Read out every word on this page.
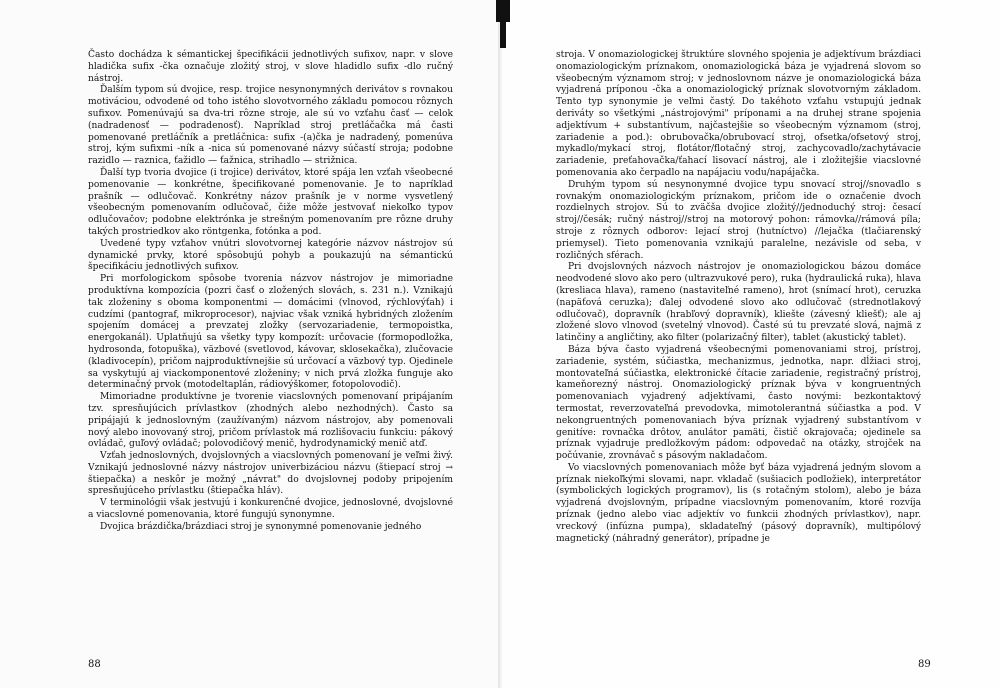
Často dochádza k sémantickej špecifikácii jednotlivých sufixov, napr. v slove hladička sufix -čka označuje zložitý stroj, v slove hladidlo sufix -dlo ručný nástroj.

Ďalším typom sú dvojice, resp. trojice nesynonymných derivátov s rovnakou motiváciou, odvodené od toho istého slovotvorného základu pomocou rôznych sufixov. Pomenúvajú sa dva-tri rôzne stroje, ale sú vo vzťahu časť — celok (nadradenosť — podradenosť). Napríklad stroj pretláčačka má časti pomenované pretláčník a pretláčnica: sufix -(a)čka je nadradený, pomenúva stroj, kým sufixmi -ník a -nica sú pomenované názvy súčastí stroja; podobne razidlo — raznica, ťažidlo — ťažnica, strihadlo — strižnica.

Ďalší typ tvoria dvojice (i trojice) derivátov, ktoré spája len vzťah všeobecné pomenovanie — konkrétne, špecifikované pomenovanie. Je to napríklad prašník — odlučovač. Konkrétny názov prašník je v norme vysvetlený všeobecným pomenovaním odlučovač, čiže môže jestvovať niekoľko typov odlučovačov; podobne elektrónka je strešným pomenovaním pre rôzne druhy takých prostriedkov ako röntgenka, fotónka a pod.

Uvedené typy vzťahov vnútri slovotvornej kategórie názvov nástrojov sú dynamické prvky, ktoré spôsobujú pohyb a poukazujú na sémantickú špecifikáciu jednotlivých sufixov.

Pri morfologickom spôsobe tvorenia názvov nástrojov je mimoriadne produktívna kompozícia (pozri časť o zložených slovách, s. 231 n.). Vznikajú tak zloženiny s oboma komponentmi — domácimi (vlnovod, rýchlovýťah) i cudzími (pantograf, mikroprocesor), najviac však vzniká hybridných zložením spojením domácej a prevzatej zložky (servozariadenie, termopoistka, energokanál). Uplatňujú sa všetky typy kompozít: určovacie (formopodložka, hydrosonda, fotopuška), väzbové (svetlovod, kávovar, sklosekačka), zlučovacie (kladivocepín), pričom najproduktívnejšie sú určovací a väzbový typ. Ojedinele sa vyskytujú aj viackomponentové zloženiny; v nich prvá zložka funguje ako determinačný prvok (motodeltaplán, rádiovýškomer, fotopolovodič).

Mimoriadne produktívne je tvorenie viacslovných pomenovaní pripájaním tzv. spresňujúcich prívlastkov (zhodných alebo nezhodných). Často sa pripájajú k jednoslovným (zaužívaným) názvom nástrojov, aby pomenovali nový alebo inovovaný stroj, pričom prívlastok má rozlišovaciu funkciu: pákový ovládač, guľový ovládač; polovodičový menič, hydrodynamický menič atď.

Vzťah jednoslovných, dvojslovných a viacslovných pomenovaní je veľmi živý. Vznikajú jednoslovné názvy nástrojov univerbizáciou názvu (štiepací stroj → štiepačka) a neskôr je možný „návrat" do dvojslovnej podoby pripojením spresňujúceho prívlastku (štiepačka hláv).

V terminológii však jestvujú i konkurenčné dvojice, jednoslovné, dvojslovné a viacslovné pomenovania, ktoré fungujú synonymne.

Dvojica brázdička/brázdiaci stroj je synonymné pomenovanie jedného

88

stroja. V onomaziologickej štruktúre slovného spojenia je adjektívum brázdiaci onomaziologickým príznakom, onomaziologická báza je vyjadrená slovom so všeobecným významom stroj; v jednoslovnom názve je onomaziologická báza vyjadrená príponou -čka a onomaziologický príznak slovotvorným základom. Tento typ synonymie je veľmi častý. Do takéhoto vzťahu vstupujú jednak deriváty so všetkými „nástrojovými" príponami a na druhej strane spojenia adjektívum + substantívum, najčastejšie so všeobecným významom (stroj, zariadenie a pod.): obrubovačka/obrubovací stroj, ofsetka/ofsetový stroj, mykadlo/mykací stroj, flotátor/flotačný stroj, zachycovadlo/zachytávacie zariadenie, preťahovačka/ťahací lisovací nástroj, ale i zložitejšie viacslovné pomenovania ako čerpadlo na napájaciu vodu/napájačka.

Druhým typom sú nesynonymné dvojice typu snovací stroj//snovadlo s rovnakým onomaziologickým príznakom, pričom ide o označenie dvoch rozdielnych strojov. Sú to zväčša dvojice zložitý//jednoduchý stroj: česací stroj//česák; ručný nástroj//stroj na motorový pohon: rámovka//rámová píla; stroje z rôznych odborov: lejací stroj (hutníctvo) //lejačka (tlačiarenský priemysel). Tieto pomenovania vznikajú paralelne, nezávisle od seba, v rozličných sférach.

Pri dvojslovných názvoch nástrojov je onomaziologickou bázou domáce neodvodené slovo ako pero (ultrazvukové pero), ruka (hydraulická ruka), hlava (kresliaca hlava), rameno (nastaviteľné rameno), hrot (snímací hrot), ceruzka (napäťová ceruzka); ďalej odvodené slovo ako odlučovač (strednotlakový odlučovač), dopravník (hrabľový dopravník), kliešte (závesný kliešť); ale aj zložené slovo vlnovod (svetelný vlnovod). Časté sú tu prevzaté slová, najmä z latinčiny a angličtiny, ako filter (polarizačný filter), tablet (akustický tablet).

Báza býva často vyjadrená všeobecnými pomenovaniami stroj, prístroj, zariadenie, systém, súčiastka, mechanizmus, jednotka, napr. dĺžiaci stroj, montovateľná súčiastka, elektronické čítacie zariadenie, registračný prístroj, kameňorezný nástroj. Onomaziologický príznak býva v kongruentných pomenovaniach vyjadrený adjektívami, často novými: bezkontaktový termostat, reverzovateľná prevodovka, mimotolerantná súčiastka a pod. V nekongruentných pomenovaniach býva príznak vyjadrený substantívom v genitíve: rovnačka drôtov, anulátor pamäti, čistič okrajovača; ojedinele sa príznak vyjadruje predložkovým pádom: odpovedač na otázky, strojček na počúvanie, zrovnávač s pásovým nakladačom.

Vo viacslovných pomenovaniach môže byť báza vyjadrená jedným slovom a príznak niekoľkými slovami, napr. vkladač (sušiacich podložiek), interpretátor (symbolických logických programov), lis (s rotačným stolom), alebo je báza vyjadrená dvojslovným, prípadne viacslovným pomenovaním, ktoré rozvíja príznak (jedno alebo viac adjektív vo funkcii zhodných prívlastkov), napr. vreckový (infúzna pumpa), skladateľný (pásový dopravník), multipólový magnetický (náhradný generátor), prípadne je

89
